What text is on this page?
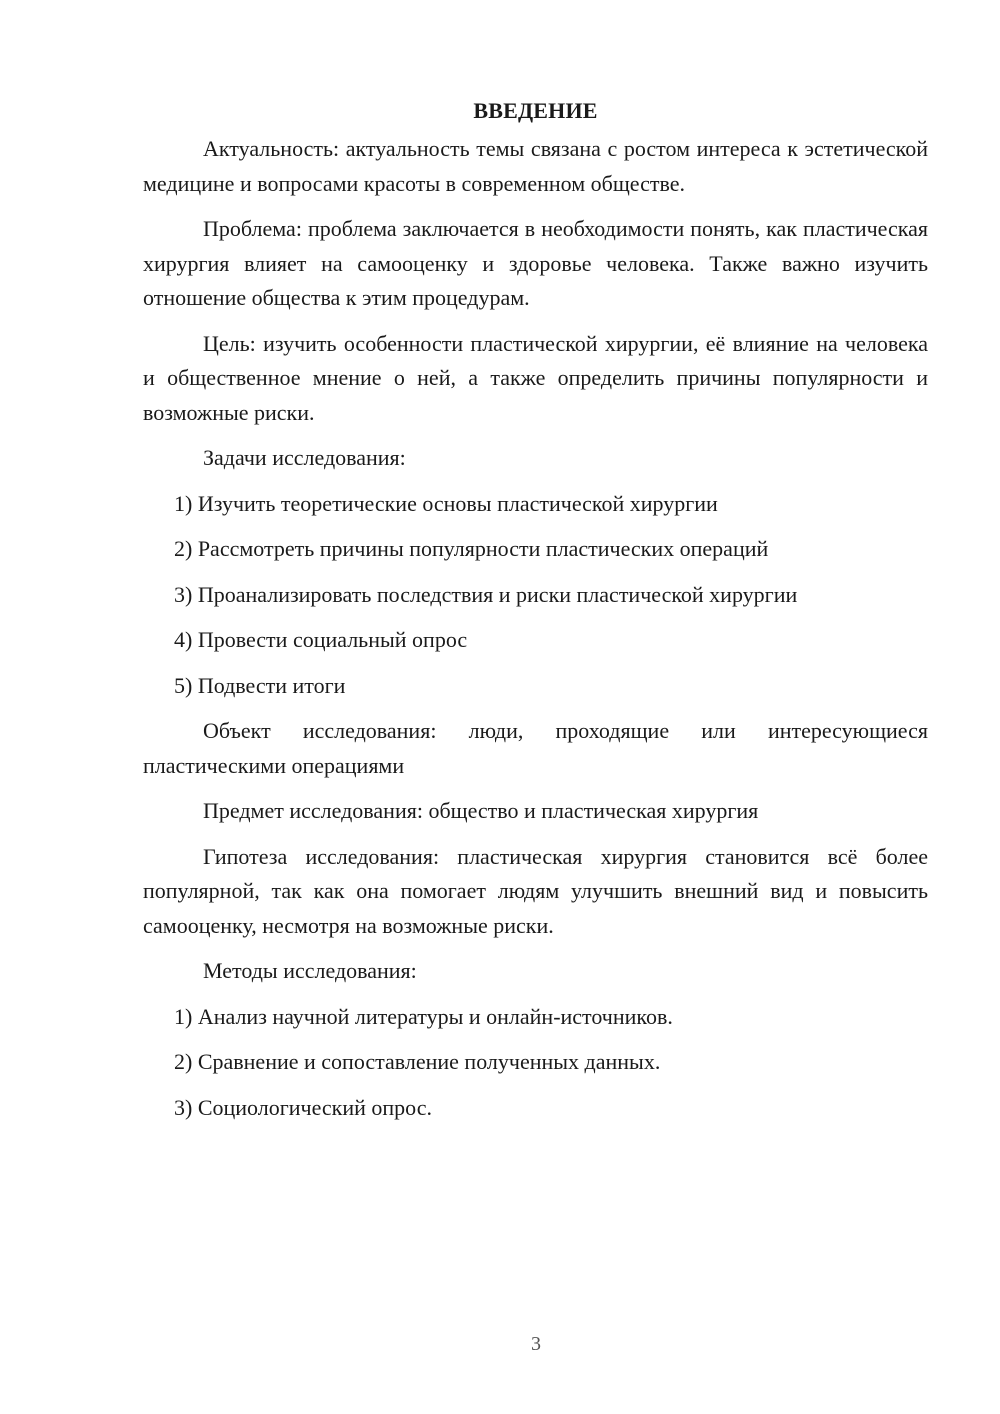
ВВЕДЕНИЕ

Актуальность: актуальность темы связана с ростом интереса к эстетической медицине и вопросами красоты в современном обществе.

Проблема: проблема заключается в необходимости понять, как пластическая хирургия влияет на самооценку и здоровье человека. Также важно изучить отношение общества к этим процедурам.

Цель: изучить особенности пластической хирургии, её влияние на человека и общественное мнение о ней, а также определить причины популярности и возможные риски.

Задачи исследования:

1) Изучить теоретические основы пластической хирургии

2) Рассмотреть причины популярности пластических операций

3) Проанализировать последствия и риски пластической хирургии

4) Провести социальный опрос

5) Подвести итоги

Объект исследования: люди, проходящие или интересующиеся пластическими операциями

Предмет исследования: общество и пластическая хирургия

Гипотеза исследования: пластическая хирургия становится всё более популярной, так как она помогает людям улучшить внешний вид и повысить самооценку, несмотря на возможные риски.

Методы исследования:

1) Анализ научной литературы и онлайн-источников.

2) Сравнение и сопоставление полученных данных.

3) Социологический опрос.

3
